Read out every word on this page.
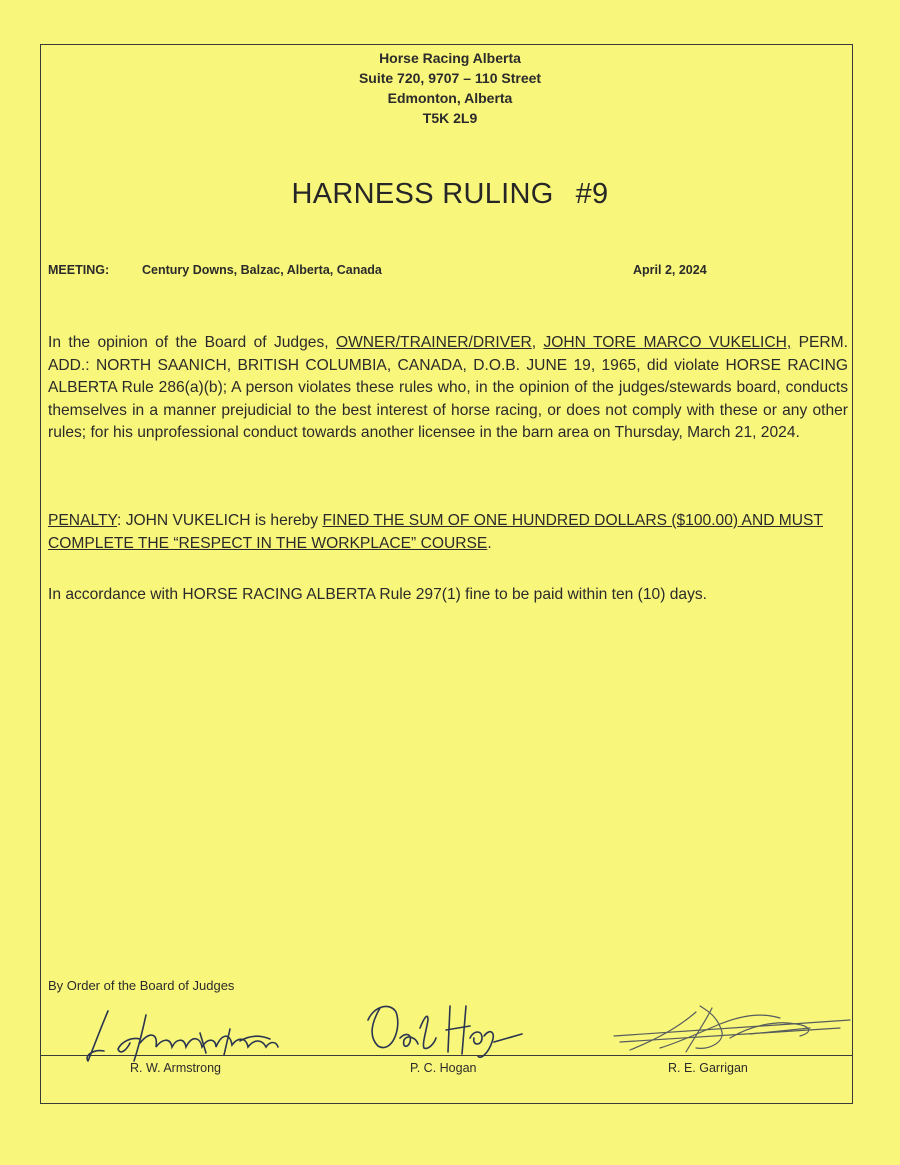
Horse Racing Alberta
Suite 720, 9707 – 110 Street
Edmonton, Alberta
T5K 2L9
HARNESS RULING #9
MEETING:	Century Downs, Balzac, Alberta, Canada	April 2, 2024
In the opinion of the Board of Judges, OWNER/TRAINER/DRIVER, JOHN TORE MARCO VUKELICH, PERM. ADD.: NORTH SAANICH, BRITISH COLUMBIA, CANADA, D.O.B. JUNE 19, 1965, did violate HORSE RACING ALBERTA Rule 286(a)(b); A person violates these rules who, in the opinion of the judges/stewards board, conducts themselves in a manner prejudicial to the best interest of horse racing, or does not comply with these or any other rules; for his unprofessional conduct towards another licensee in the barn area on Thursday, March 21, 2024.
PENALTY: JOHN VUKELICH is hereby FINED THE SUM OF ONE HUNDRED DOLLARS ($100.00) AND MUST COMPLETE THE “RESPECT IN THE WORKPLACE” COURSE.
In accordance with HORSE RACING ALBERTA Rule 297(1) fine to be paid within ten (10) days.
By Order of the Board of Judges
R. W. Armstrong	P. C. Hogan	R. E. Garrigan
